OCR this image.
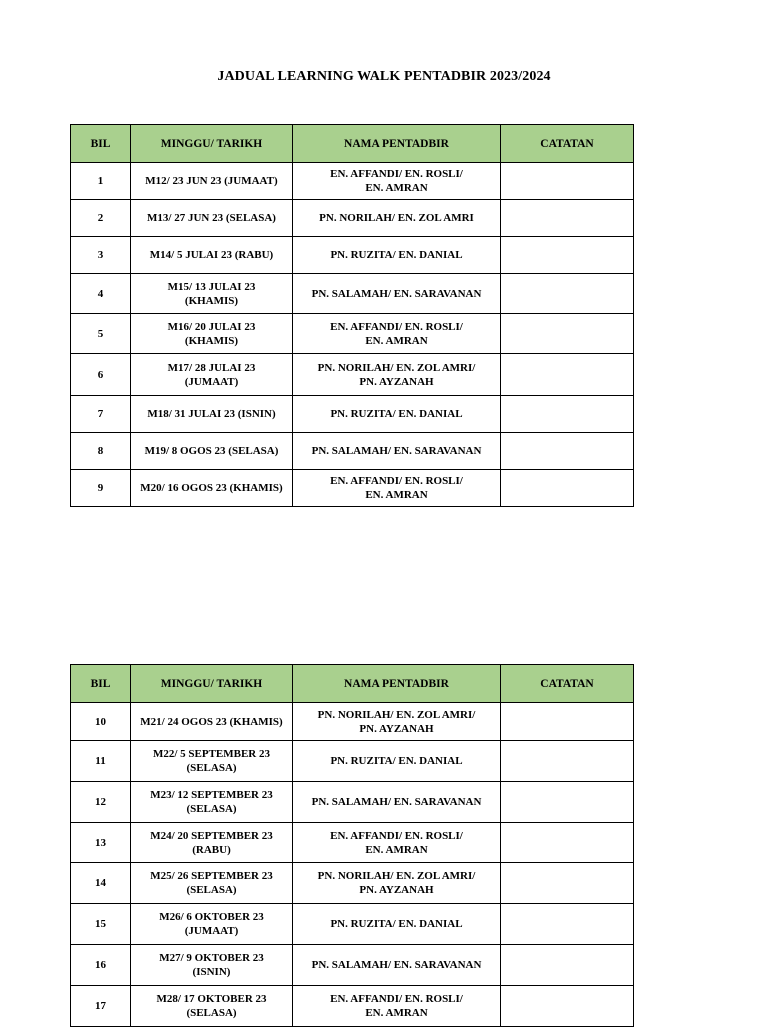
JADUAL LEARNING WALK PENTADBIR 2023/2024
BIL	MINGGU/ TARIKH	NAMA PENTADBIR	CATATAN
1	M12/ 23 JUN 23 (JUMAAT)	EN. AFFANDI/ EN. ROSLI/
EN. AMRAN	
2	M13/ 27 JUN 23 (SELASA)	PN. NORILAH/ EN. ZOL AMRI	
3	M14/ 5 JULAI 23 (RABU)	PN. RUZITA/ EN. DANIAL	
4	M15/ 13 JULAI 23
(KHAMIS)	PN. SALAMAH/ EN. SARAVANAN	
5	M16/ 20 JULAI 23
(KHAMIS)	EN. AFFANDI/ EN. ROSLI/
EN. AMRAN	
6	M17/ 28 JULAI 23
(JUMAAT)	PN. NORILAH/ EN. ZOL AMRI/
PN. AYZANAH	
7	M18/ 31 JULAI 23 (ISNIN)	PN. RUZITA/ EN. DANIAL	
8	M19/ 8 OGOS 23 (SELASA)	PN. SALAMAH/ EN. SARAVANAN	
9	M20/ 16 OGOS 23 (KHAMIS)	EN. AFFANDI/ EN. ROSLI/
EN. AMRAN	
BIL	MINGGU/ TARIKH	NAMA PENTADBIR	CATATAN
10	M21/ 24 OGOS 23 (KHAMIS)	PN. NORILAH/ EN. ZOL AMRI/
PN. AYZANAH	
11	M22/ 5 SEPTEMBER 23
(SELASA)	PN. RUZITA/ EN. DANIAL	
12	M23/ 12 SEPTEMBER 23
(SELASA)	PN. SALAMAH/ EN. SARAVANAN	
13	M24/ 20 SEPTEMBER 23
(RABU)	EN. AFFANDI/ EN. ROSLI/
EN. AMRAN	
14	M25/ 26 SEPTEMBER 23
(SELASA)	PN. NORILAH/ EN. ZOL AMRI/
PN. AYZANAH	
15	M26/ 6 OKTOBER 23
(JUMAAT)	PN. RUZITA/ EN. DANIAL	
16	M27/ 9 OKTOBER 23
(ISNIN)	PN. SALAMAH/ EN. SARAVANAN	
17	M28/ 17 OKTOBER 23
(SELASA)	EN. AFFANDI/ EN. ROSLI/
EN. AMRAN	
